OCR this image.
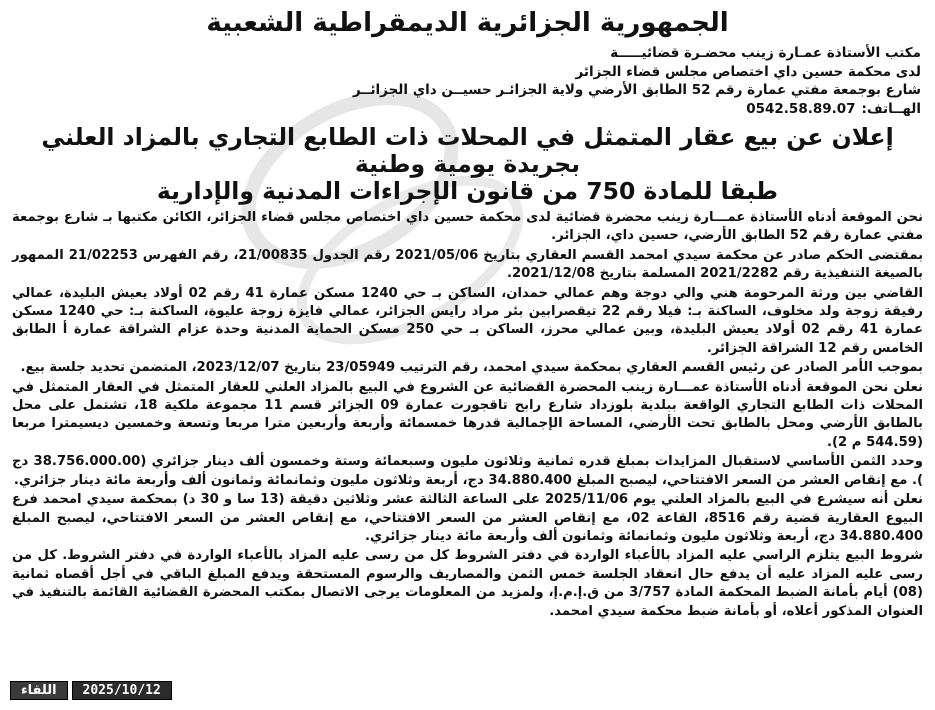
الجمهورية الجزائرية الديمقراطية الشعبية
مكتب الأستاذة عمـارة زينب محضـرة قضائيـــــة
لدى محكمة حسين داي اختصاص مجلس قضاء الجزائر
شارع بوجمعة مفتي عمارة رقم 52 الطابق الأرضي ولاية الجزائـر حسيــن داي الجزائــر
الهــاتف:
0542.58.89.07
إعلان عن بيع عقار المتمثل في المحلات ذات الطابع التجاري بالمزاد العلني بجريدة يومية وطنية
طبقا للمادة 750 من قانون الإجراءات المدنية والإدارية

نحن الموقعة أدناه الأستاذة عمـــارة زينب محضرة قضائية لدى محكمة حسين داي اختصاص مجلس قضاء الجزائر، الكائن مكتبها بـ شارع بوجمعة مفتي عمارة رقم 52 الطابق الأرضي، حسين داي، الجزائر.

بمقتضى الحكم صادر عن محكمة سيدي امحمد القسم العقاري بتاريخ 2021/05/06 رقم الجدول 21/00835، رقم الفهرس 21/02253 الممهور بالصيغة التنفيذية رقم 2021/2282 المسلمة بتاريخ 2021/12/08.

القاضي بين ورثة المرحومة هني والي دوجة وهم عمالي حمدان، الساكن بـ حي 1240 مسكن عمارة 41 رقم 02 أولاد يعيش البليدة، عمالي رفيقة زوجة ولد مخلوف، الساكنة بـ: فيلا رقم 22 تيقصرابين بئر مراد رايس الجزائر، عمالي فايزة زوجة عليوة، الساكنة بـ: حي 1240 مسكن عمارة 41 رقم 02 أولاد يعيش البليدة، وبين عمالي محرز، الساكن بـ حي 250 مسكن الحماية المدنية وحدة عزام الشراقة عمارة أ الطابق الخامس رقم 12 الشراقة الجزائر.

بموجب الأمر الصادر عن رئيس القسم العقاري بمحكمة سيدي امحمد، رقم الترتيب 23/05949 بتاريخ 2023/12/07، المتضمن تحديد جلسة بيع.

نعلن نحن الموقعة أدناه الأستاذة عمـــارة زينب المحضرة القضائية عن الشروع في البيع بالمزاد العلني للعقار المتمثل في العقار المتمثل في المحلات ذات الطابع التجاري الواقعة ببلدية بلوزداد شارع رابح تاقجورت عمارة 09 الجزائر قسم 11 مجموعة ملكية 18، تشتمل على محل بالطابق الأرضي ومحل بالطابق تحت الأرضي، المساحة الإجمالية قدرها خمسمائة وأربعة وأربعين مترا مربعا وتسعة وخمسين ديسيمترا مربعا (544.59 م 2).

وحدد الثمن الأساسي لاستقبال المزايدات بمبلغ قدره ثمانية وثلاثون مليون وسبعمائة وستة وخمسون ألف دينار جزائري (38.756.000.00 دج ). مع إنقاص العشر من السعر الافتتاحي، ليصبح المبلغ 34.880.400 دج، أربعة وثلاثون مليون وثمانمائة وثمانون ألف وأربعة مائة دينار جزائري.

نعلن أنه سيشرع في البيع بالمزاد العلني يوم 2025/11/06 على الساعة الثالثة عشر وثلاثين دقيقة (13 سا و 30 د) بمحكمة سيدي امحمد فرع البيوع العقارية قضية رقم 8516، القاعة 02، مع إنقاص العشر من السعر الافتتاحي، مع إنقاص العشر من السعر الافتتاحي، ليصبح المبلغ 34.880.400 دج، أربعة وثلاثون مليون وثمانمائة وثمانون ألف وأربعة مائة دينار جزائري.

شروط البيع يتلزم الراسي عليه المزاد بالأعباء الواردة في دفتر الشروط كل من رسى عليه المزاد بالأعباء الواردة في دفتر الشروط. كل من رسى عليه المزاد عليه أن يدفع حال انعقاد الجلسة خمس الثمن والمصاريف والرسوم المستحقة ويدفع المبلغ الباقي في أجل أقصاه ثمانية (08) أيام بأمانة الضبط المحكمة المادة 3/757 من ق.إ.م.إ، ولمزيد من المعلومات يرجى الاتصال بمكتب المحضرة القضائية القائمة بالتنفيذ في العنوان المذكور أعلاه، أو بأمانة ضبط محكمة سيدي امحمد.

اللقاء	2025/10/12
